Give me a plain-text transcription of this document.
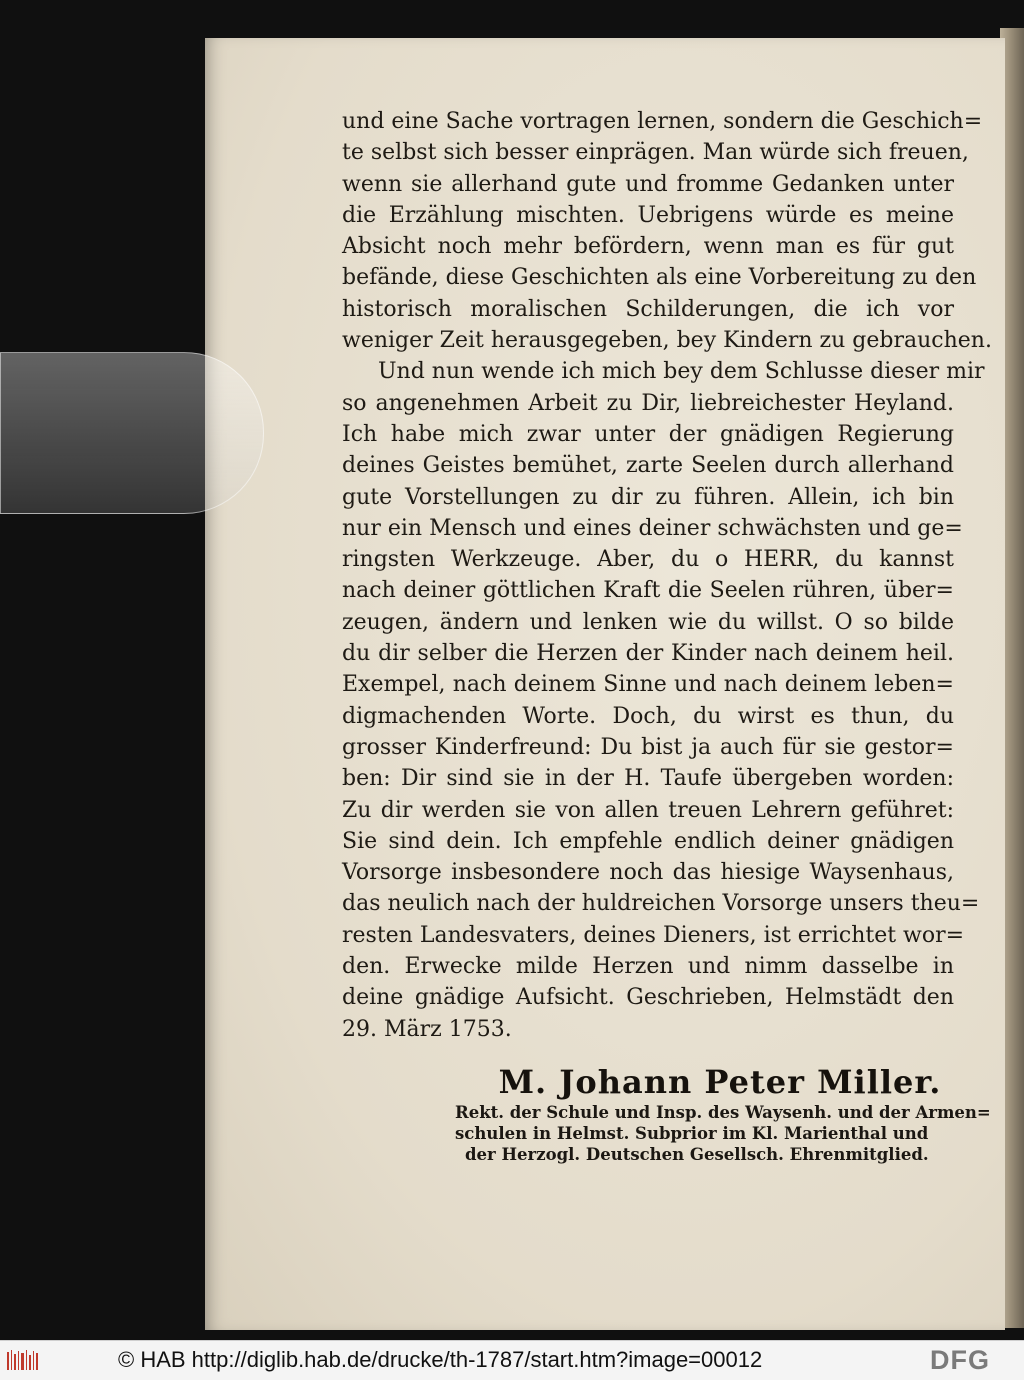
und eine Sache vortragen lernen, sondern die Geschich=
te selbst sich besser einprägen. Man würde sich freuen,
wenn sie allerhand gute und fromme Gedanken unter
die Erzählung mischten. Uebrigens würde es meine
Absicht noch mehr befördern, wenn man es für gut
befände, diese Geschichten als eine Vorbereitung zu den
historisch moralischen Schilderungen, die ich vor
weniger Zeit herausgegeben, bey Kindern zu gebrauchen.
Und nun wende ich mich bey dem Schlusse dieser mir
so angenehmen Arbeit zu Dir, liebreichester Heyland.
Ich habe mich zwar unter der gnädigen Regierung
deines Geistes bemühet, zarte Seelen durch allerhand
gute Vorstellungen zu dir zu führen. Allein, ich bin
nur ein Mensch und eines deiner schwächsten und ge=
ringsten Werkzeuge. Aber, du o HERR, du kannst
nach deiner göttlichen Kraft die Seelen rühren, über=
zeugen, ändern und lenken wie du willst. O so bilde
du dir selber die Herzen der Kinder nach deinem heil.
Exempel, nach deinem Sinne und nach deinem leben=
digmachenden Worte. Doch, du wirst es thun, du
grosser Kinderfreund: Du bist ja auch für sie gestor=
ben: Dir sind sie in der H. Taufe übergeben worden:
Zu dir werden sie von allen treuen Lehrern geführet:
Sie sind dein. Ich empfehle endlich deiner gnädigen
Vorsorge insbesondere noch das hiesige Waysenhaus,
das neulich nach der huldreichen Vorsorge unsers theu=
resten Landesvaters, deines Dieners, ist errichtet wor=
den. Erwecke milde Herzen und nimm dasselbe in
deine gnädige Aufsicht. Geschrieben, Helmstädt den
29. März 1753.
M. Johann Peter Miller.
Rekt. der Schule und Insp. des Waysenh. und der Armen=
schulen in Helmst. Subprior im Kl. Marienthal und
der Herzogl. Deutschen Gesellsch. Ehrenmitglied.
© HAB http://diglib.hab.de/drucke/th-1787/start.htm?image=00012	DFG
